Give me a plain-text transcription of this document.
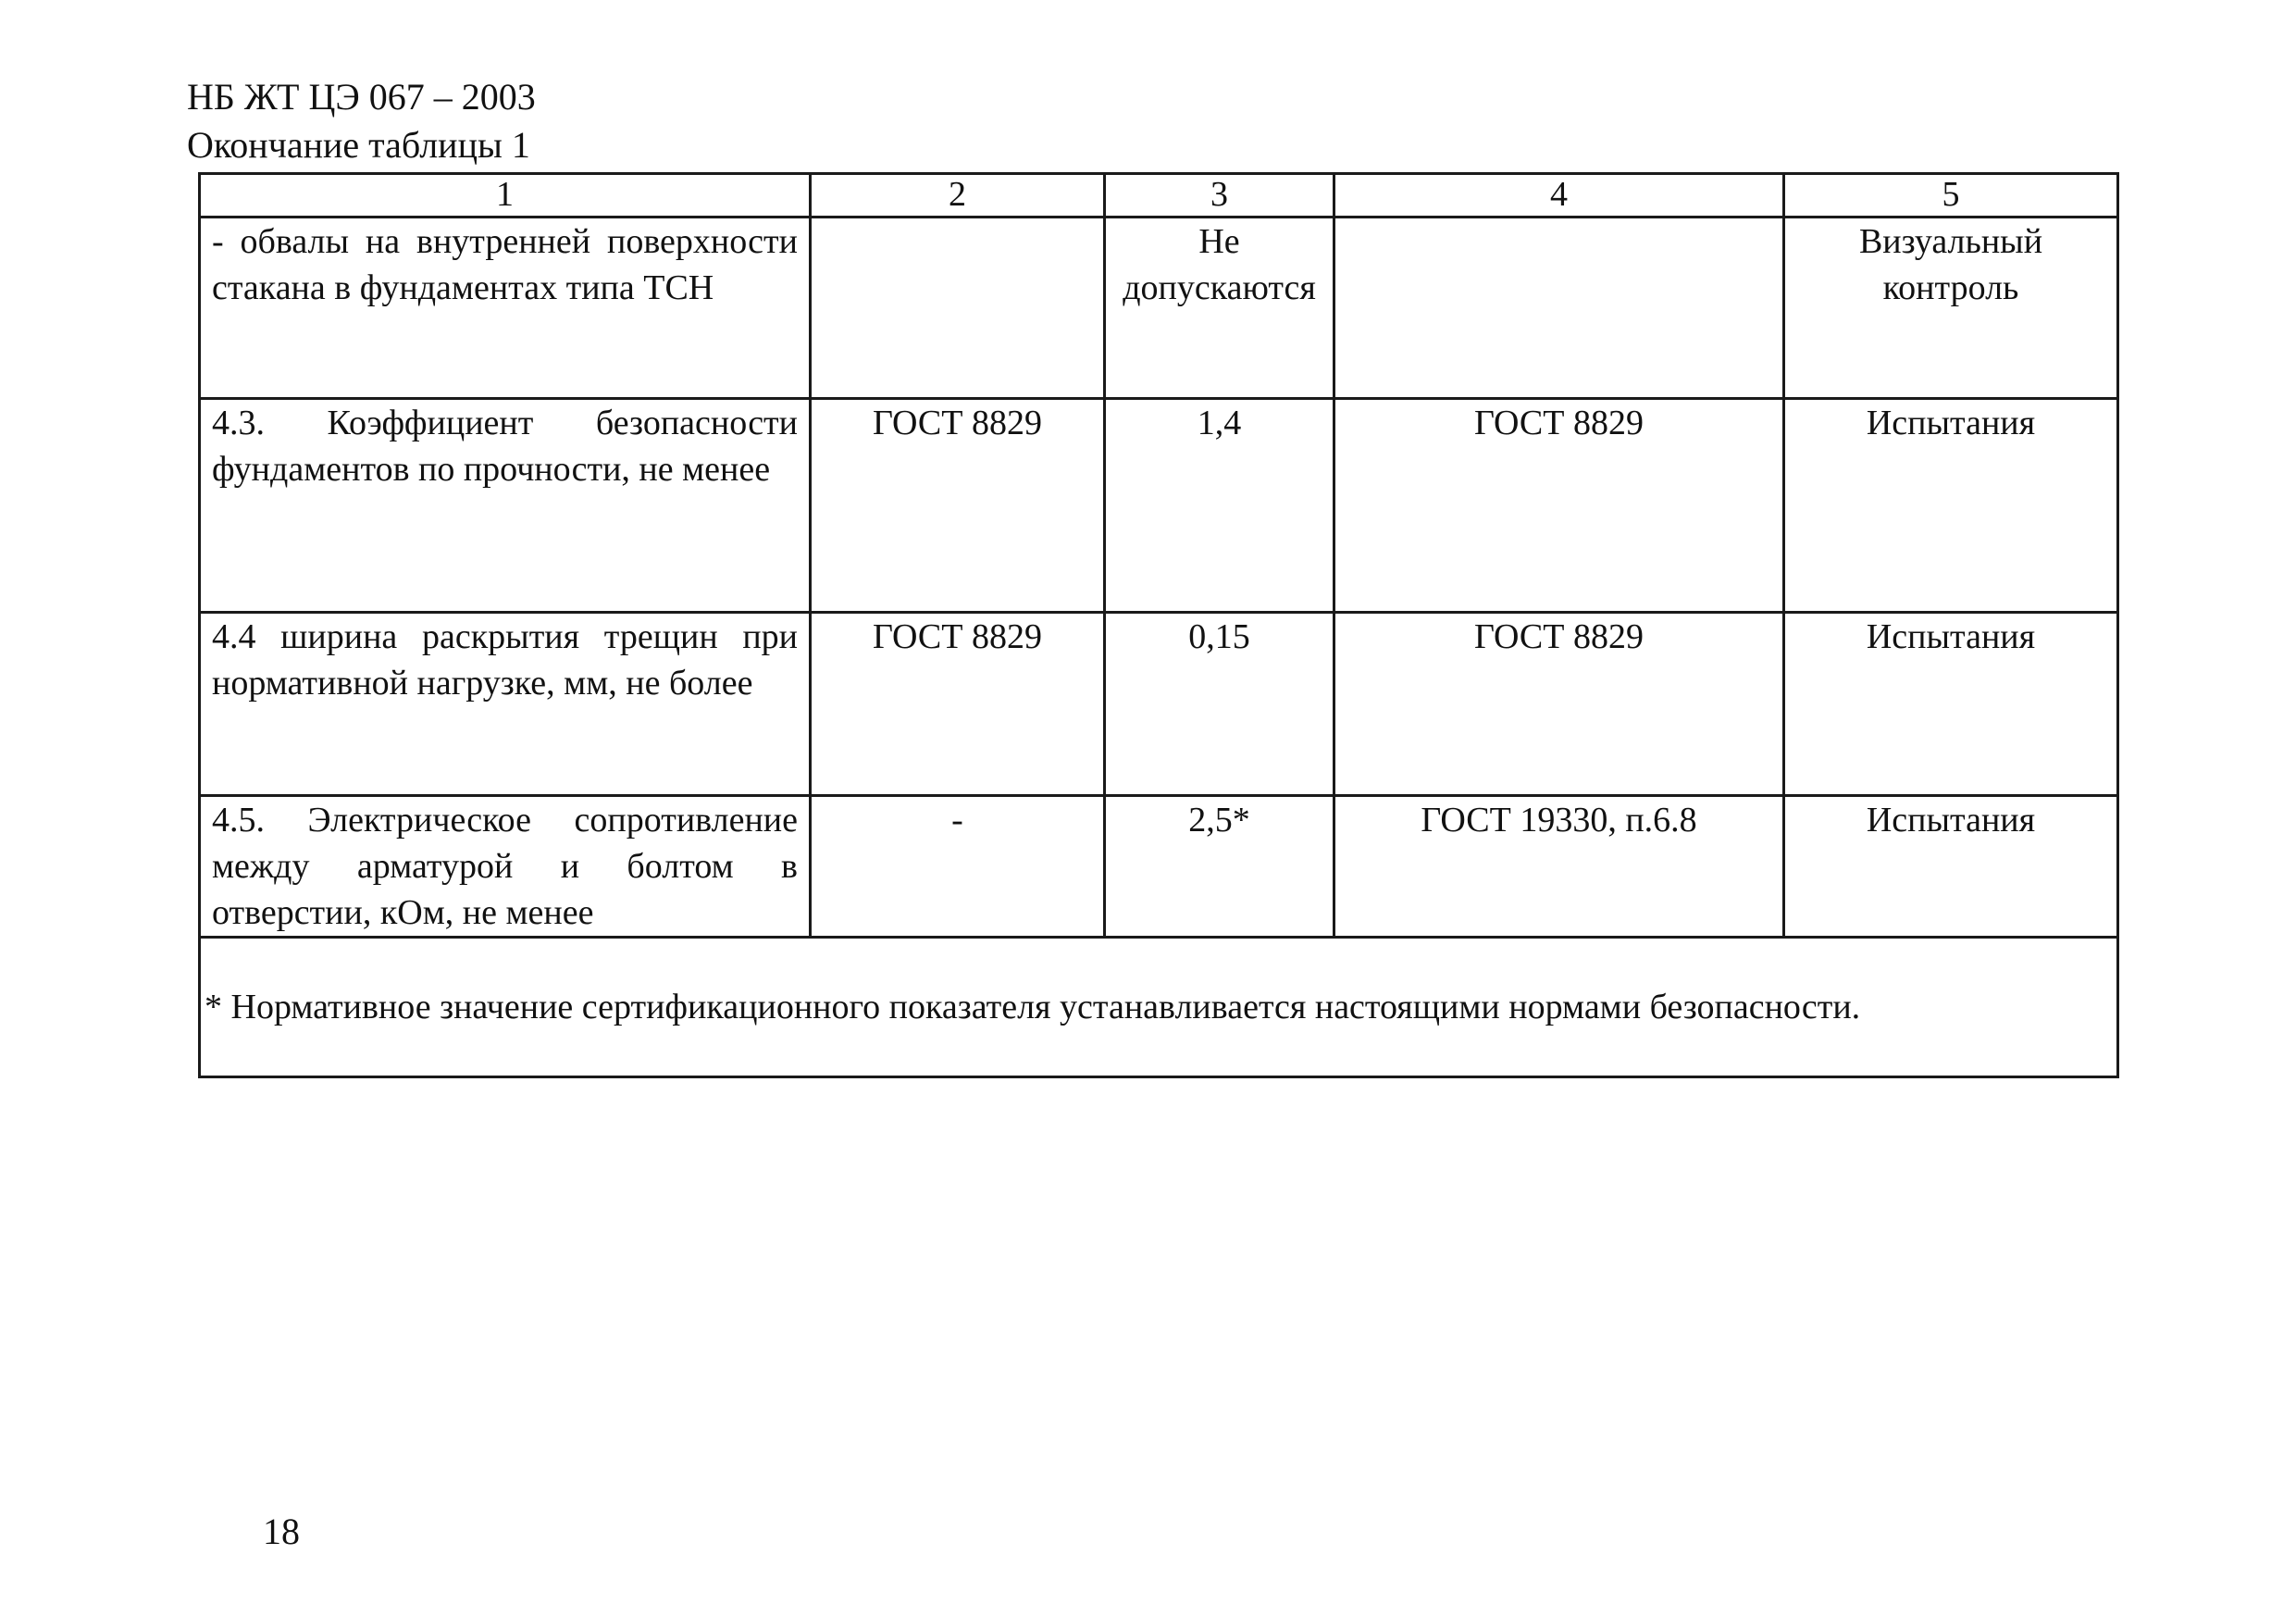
НБ ЖТ ЦЭ 067 – 2003
Окончание таблицы 1
1	2	3	4	5
- обвалы на внутренней поверхности стакана в фундаментах типа ТСН		Не допускаются		Визуальный контроль
4.3. Коэффициент безопасности фундаментов по прочности, не менее	ГОСТ 8829	1,4	ГОСТ 8829	Испытания
4.4 ширина раскрытия трещин при нормативной нагрузке, мм, не более	ГОСТ 8829	0,15	ГОСТ 8829	Испытания
4.5. Электрическое сопротивление между арматурой и болтом в отверстии, кОм, не менее	-	2,5*	ГОСТ 19330, п.6.8	Испытания
* Нормативное значение сертификационного показателя устанавливается настоящими нормами безопасности.				
18
